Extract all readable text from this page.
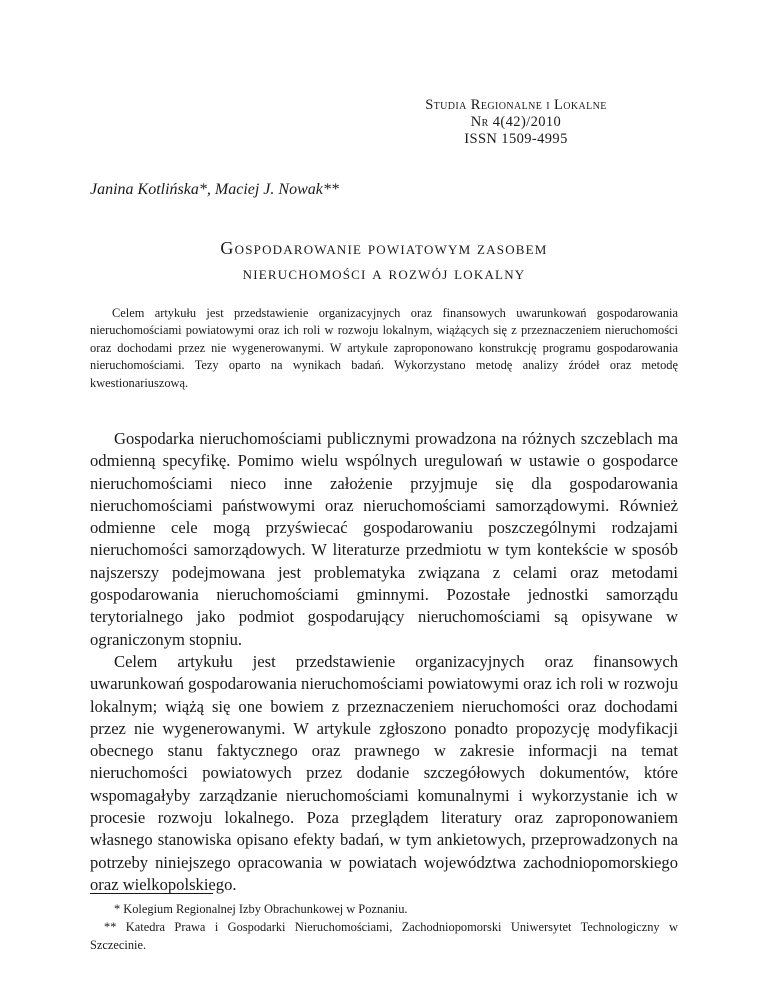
Studia Regionalne i Lokalne
Nr 4(42)/2010
ISSN 1509-4995
Janina Kotlińska*, Maciej J. Nowak**
Gospodarowanie powiatowym zasobem
nieruchomości a rozwój lokalny
Celem artykułu jest przedstawienie organizacyjnych oraz finansowych uwarunkowań gospodarowania nieruchomościami powiatowymi oraz ich roli w rozwoju lokalnym, wiążących się z przeznaczeniem nieruchomości oraz dochodami przez nie wygenerowanymi. W artykule zaproponowano konstrukcję programu gospodarowania nieruchomościami. Tezy oparto na wynikach badań. Wykorzystano metodę analizy źródeł oraz metodę kwestionariuszową.

Gospodarka nieruchomościami publicznymi prowadzona na różnych szczeblach ma odmienną specyfikę. Pomimo wielu wspólnych uregulowań w ustawie o gospodarce nieruchomościami nieco inne założenie przyjmuje się dla gospodarowania nieruchomościami państwowymi oraz nieruchomościami samorządowymi. Również odmienne cele mogą przyświecać gospodarowaniu poszczególnymi rodzajami nieruchomości samorządowych. W literaturze przedmiotu w tym kontekście w sposób najszerszy podejmowana jest problematyka związana z celami oraz metodami gospodarowania nieruchomościami gminnymi. Pozostałe jednostki samorządu terytorialnego jako podmiot gospodarujący nieruchomościami są opisywane w ograniczonym stopniu.

Celem artykułu jest przedstawienie organizacyjnych oraz finansowych uwarunkowań gospodarowania nieruchomościami powiatowymi oraz ich roli w rozwoju lokalnym; wiążą się one bowiem z przeznaczeniem nieruchomości oraz dochodami przez nie wygenerowanymi. W artykule zgłoszono ponadto propozycję modyfikacji obecnego stanu faktycznego oraz prawnego w zakresie informacji na temat nieruchomości powiatowych przez dodanie szczegółowych dokumentów, które wspomagałyby zarządzanie nieruchomościami komunalnymi i wykorzystanie ich w procesie rozwoju lokalnego. Poza przeglądem literatury oraz zaproponowaniem własnego stanowiska opisano efekty badań, w tym ankietowych, przeprowadzonych na potrzeby niniejszego opracowania w powiatach województwa zachodniopomorskiego oraz wielkopolskiego.

* Kolegium Regionalnej Izby Obrachunkowej w Poznaniu.

** Katedra Prawa i Gospodarki Nieruchomościami, Zachodniopomorski Uniwersytet Technologiczny w Szczecinie.
